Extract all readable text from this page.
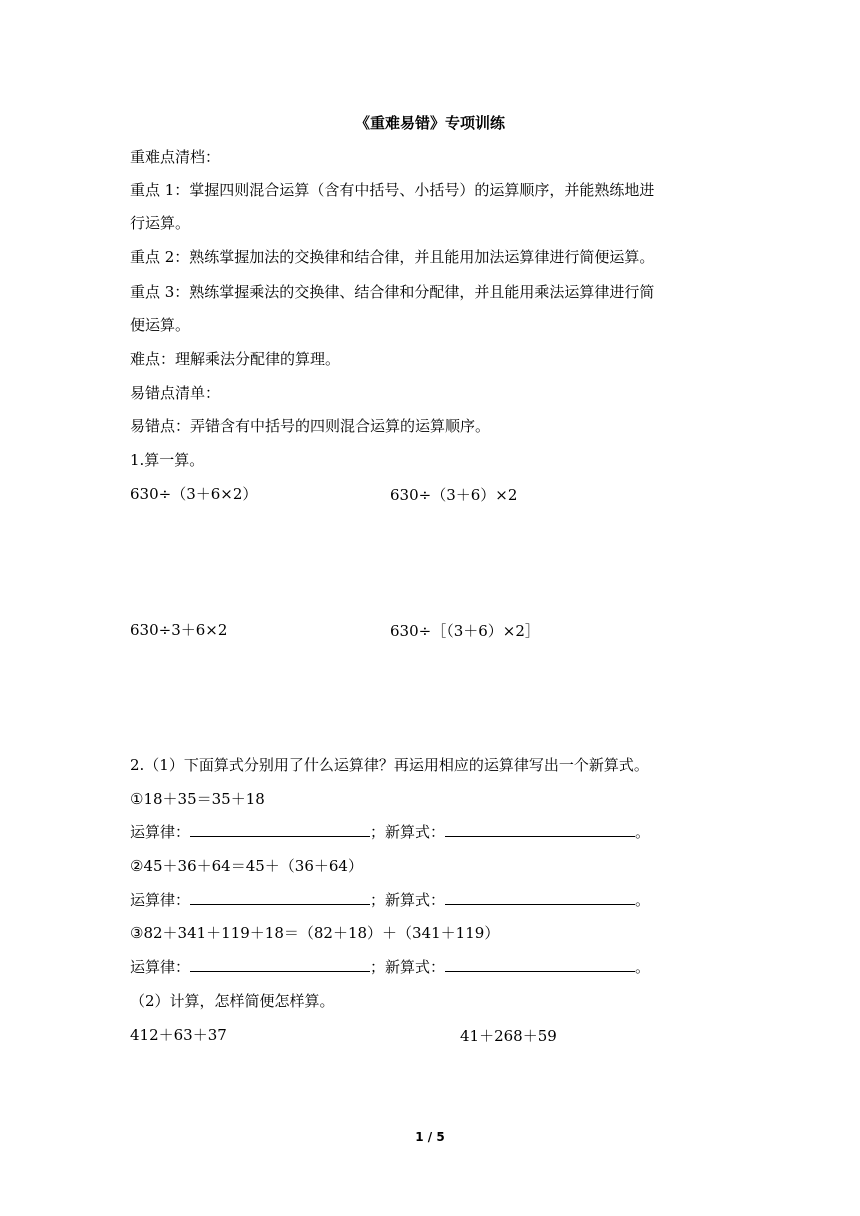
《重难易错》专项训练
重难点清档：
重点 1：掌握四则混合运算（含有中括号、小括号）的运算顺序，并能熟练地进
行运算。
重点 2：熟练掌握加法的交换律和结合律，并且能用加法运算律进行简便运算。
重点 3：熟练掌握乘法的交换律、结合律和分配律，并且能用乘法运算律进行简
便运算。
难点：理解乘法分配律的算理。
易错点清单：
易错点：弄错含有中括号的四则混合运算的运算顺序。
1.算一算。
630÷（3＋6×2）	630÷（3＋6）×2
630÷3＋6×2	630÷［（3＋6）×2］
2.（1）下面算式分别用了什么运算律？再运用相应的运算律写出一个新算式。
①18＋35＝35＋18
运算律：	；新算式：	。
②45＋36＋64＝45＋（36＋64）
运算律：	；新算式：	。
③82＋341＋119＋18＝（82＋18）＋（341＋119）
运算律：	；新算式：	。
（2）计算，怎样简便怎样算。
412＋63＋37	41＋268＋59
1 / 5
